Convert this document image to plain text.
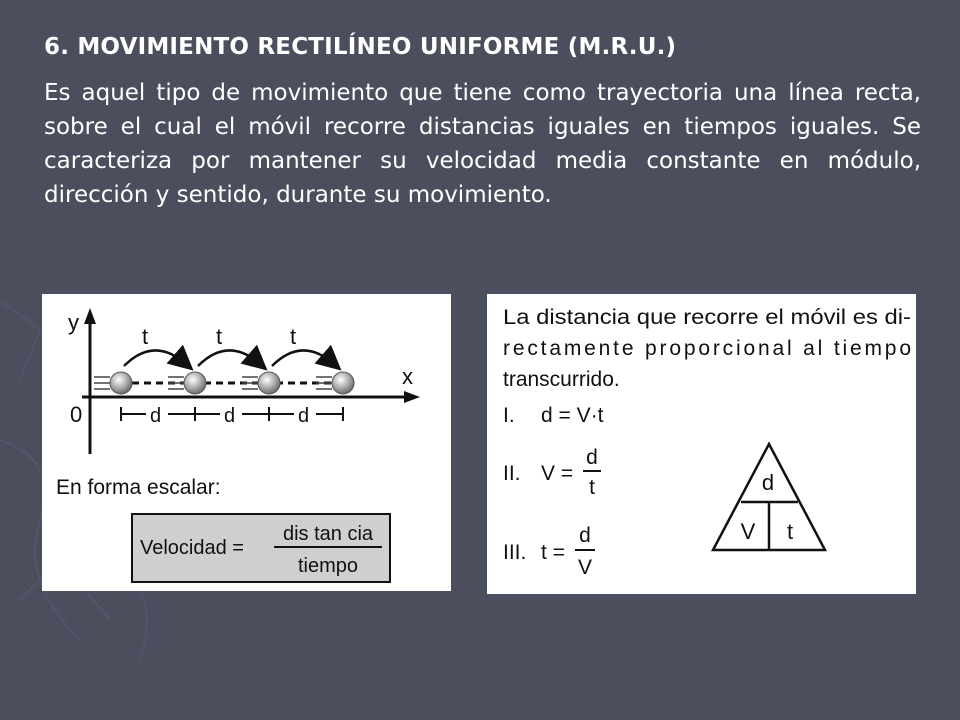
6. MOVIMIENTO RECTILÍNEO UNIFORME (M.R.U.)
Es aquel tipo de movimiento que tiene como trayectoria una línea recta, sobre el cual el móvil recorre distancias iguales en tiempos iguales. Se caracteriza por mantener su velocidad media constante en módulo, dirección y sentido, durante su movimiento.
y
x
0
t	t	t
d	d	d
En forma escalar:
Velocidad =
dis tan cia
tiempo
La distancia que recorre el móvil es di-
rectamente proporcional al tiempo
transcurrido.
I. d = V·t
II. V =
d
t
III. t =
d
V
d
V t
